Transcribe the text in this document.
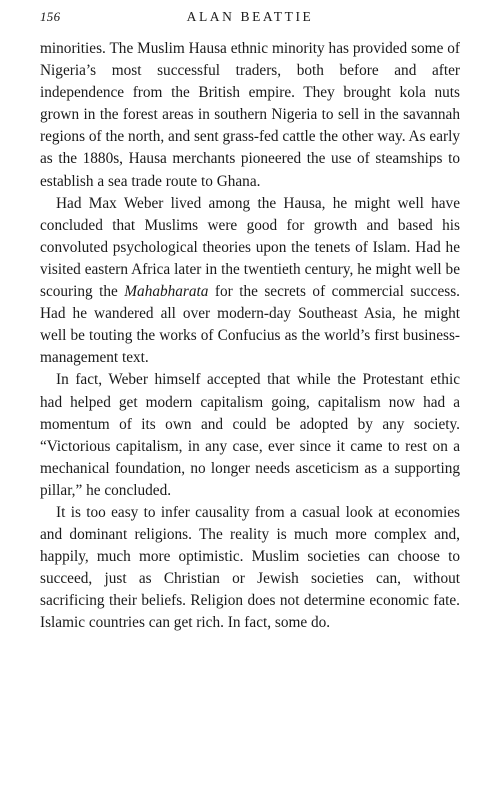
156	ALAN BEATTIE

minorities. The Muslim Hausa ethnic minority has provided some of Nigeria’s most successful traders, both before and after independence from the British empire. They brought kola nuts grown in the forest areas in southern Nigeria to sell in the savannah regions of the north, and sent grass-fed cattle the other way. As early as the 1880s, Hausa merchants pioneered the use of steamships to establish a sea trade route to Ghana.

Had Max Weber lived among the Hausa, he might well have concluded that Muslims were good for growth and based his convoluted psychological theories upon the tenets of Islam. Had he visited eastern Africa later in the twentieth century, he might well be scouring the Mahabharata for the secrets of commercial success. Had he wandered all over modern-day Southeast Asia, he might well be touting the works of Confucius as the world’s first business-management text.

In fact, Weber himself accepted that while the Protestant ethic had helped get modern capitalism going, capitalism now had a momentum of its own and could be adopted by any society. “Victorious capitalism, in any case, ever since it came to rest on a mechanical foundation, no longer needs asceticism as a supporting pillar,” he concluded.

It is too easy to infer causality from a casual look at economies and dominant religions. The reality is much more complex and, happily, much more optimistic. Muslim societies can choose to succeed, just as Christian or Jewish societies can, without sacrificing their beliefs. Religion does not determine economic fate. Islamic countries can get rich. In fact, some do.
